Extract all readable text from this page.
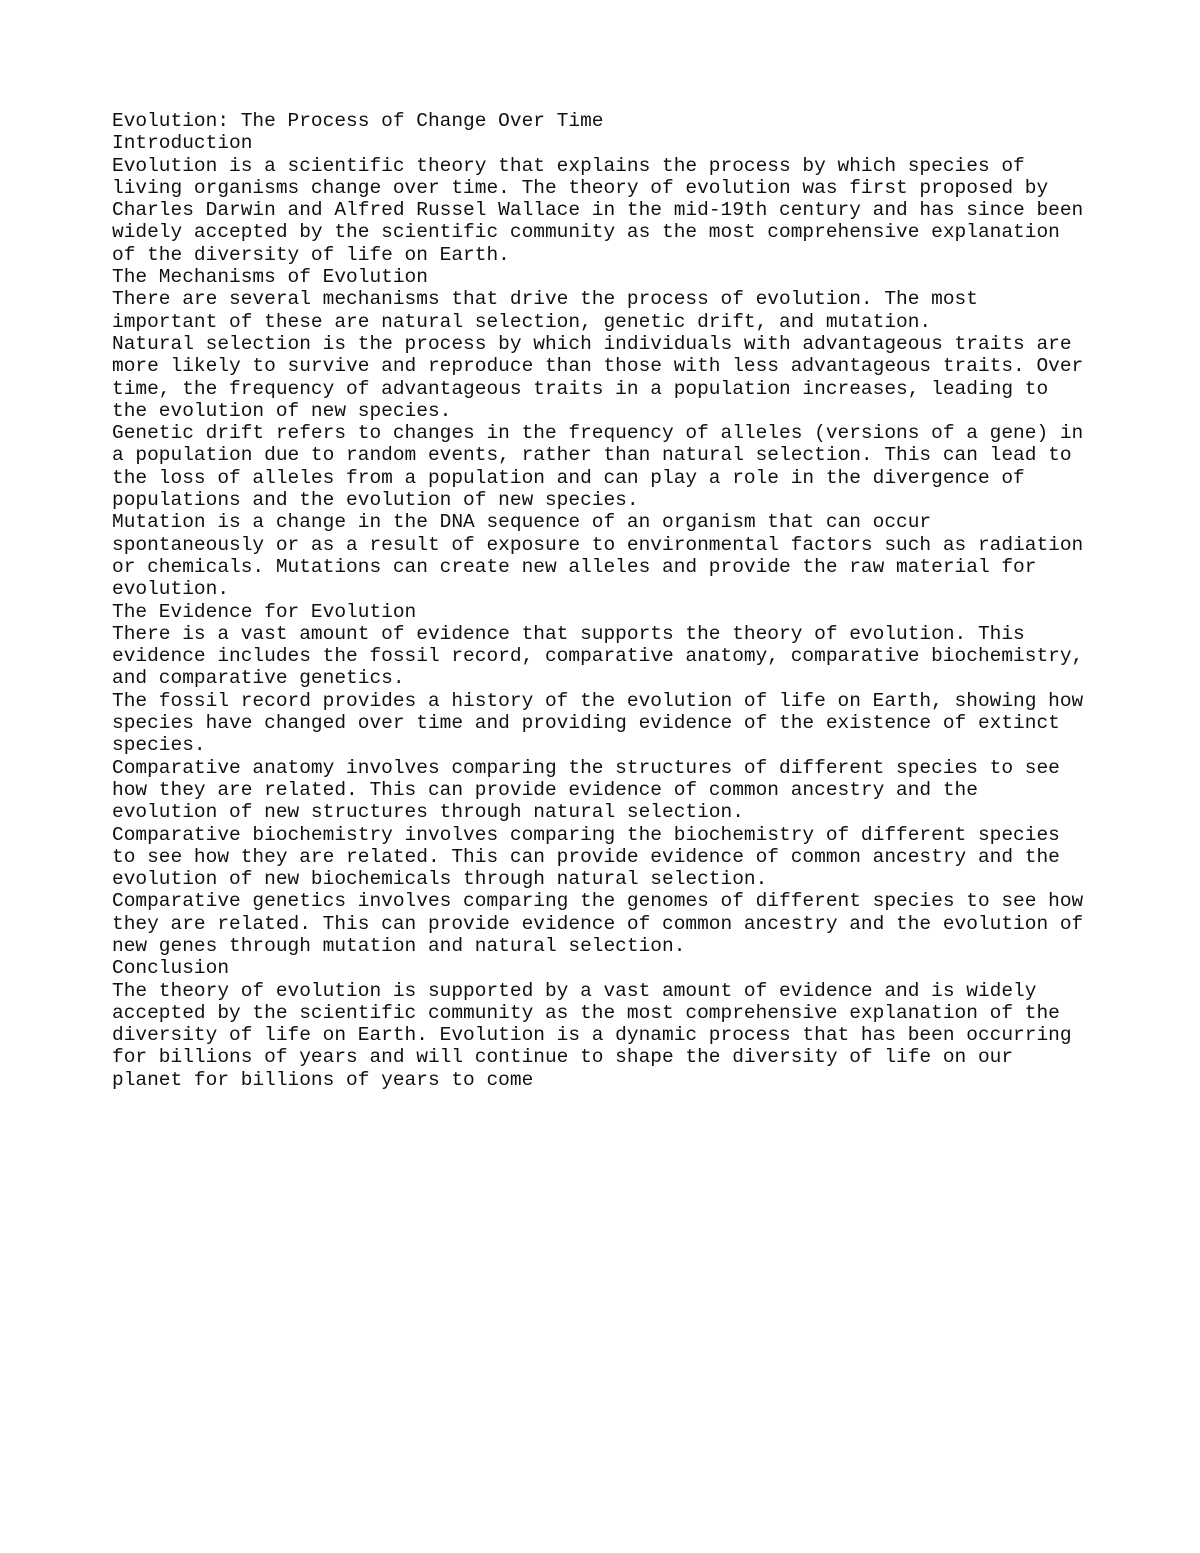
Evolution: The Process of Change Over Time
Introduction
Evolution is a scientific theory that explains the process by which species of
living organisms change over time. The theory of evolution was first proposed by
Charles Darwin and Alfred Russel Wallace in the mid-19th century and has since been
widely accepted by the scientific community as the most comprehensive explanation
of the diversity of life on Earth.
The Mechanisms of Evolution
There are several mechanisms that drive the process of evolution. The most
important of these are natural selection, genetic drift, and mutation.
Natural selection is the process by which individuals with advantageous traits are
more likely to survive and reproduce than those with less advantageous traits. Over
time, the frequency of advantageous traits in a population increases, leading to
the evolution of new species.
Genetic drift refers to changes in the frequency of alleles (versions of a gene) in
a population due to random events, rather than natural selection. This can lead to
the loss of alleles from a population and can play a role in the divergence of
populations and the evolution of new species.
Mutation is a change in the DNA sequence of an organism that can occur
spontaneously or as a result of exposure to environmental factors such as radiation
or chemicals. Mutations can create new alleles and provide the raw material for
evolution.
The Evidence for Evolution
There is a vast amount of evidence that supports the theory of evolution. This
evidence includes the fossil record, comparative anatomy, comparative biochemistry,
and comparative genetics.
The fossil record provides a history of the evolution of life on Earth, showing how
species have changed over time and providing evidence of the existence of extinct
species.
Comparative anatomy involves comparing the structures of different species to see
how they are related. This can provide evidence of common ancestry and the
evolution of new structures through natural selection.
Comparative biochemistry involves comparing the biochemistry of different species
to see how they are related. This can provide evidence of common ancestry and the
evolution of new biochemicals through natural selection.
Comparative genetics involves comparing the genomes of different species to see how
they are related. This can provide evidence of common ancestry and the evolution of
new genes through mutation and natural selection.
Conclusion
The theory of evolution is supported by a vast amount of evidence and is widely
accepted by the scientific community as the most comprehensive explanation of the
diversity of life on Earth. Evolution is a dynamic process that has been occurring
for billions of years and will continue to shape the diversity of life on our
planet for billions of years to come
